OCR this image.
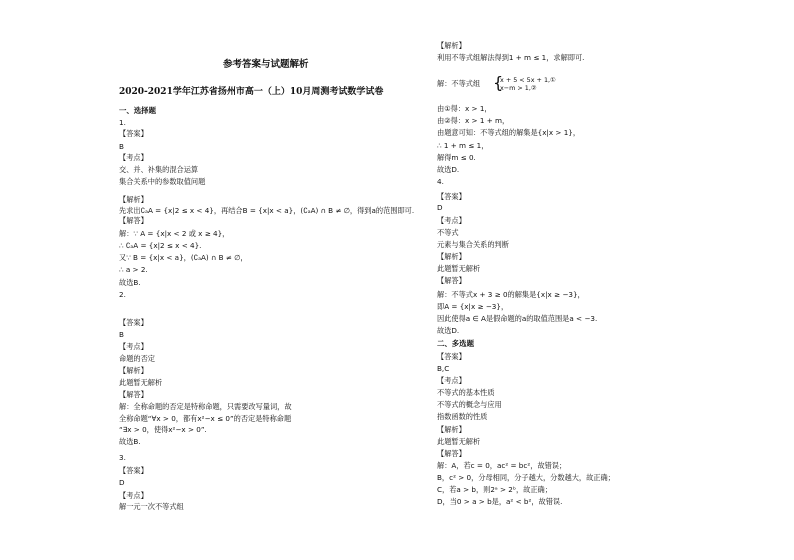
参考答案与试题解析
2020-2021学年江苏省扬州市高一（上）10月周测考试数学试卷
一、选择题
1.
【答案】
B
【考点】
交、并、补集的混合运算
集合关系中的参数取值问题
【解析】
先求出∁ₐA = {x|2 ≤ x < 4}，再结合B = {x|x < a}，(∁ₐA) ∩ B ≠ ∅，得到a的范围即可.
【解答】
解：∵ A = {x|x < 2 或 x ≥ 4}，
∴ ∁ₐA = {x|2 ≤ x < 4}.
又∵ B = {x|x < a}，(∁ₐA) ∩ B ≠ ∅，
∴ a > 2.
故选B.
2.
【答案】
B
【考点】
命题的否定
【解析】
此题暂无解析
【解答】
解：全称命题的否定是特称命题，只需要改写量词，故
全称命题“∀x > 0，都有x²−x ≤ 0”的否定是特称命题
“∃x > 0，使得x²−x > 0”.
故选B.
3.
【答案】
D
【考点】
解一元一次不等式组
【解析】
利用不等式组解法得到1 + m ≤ 1，求解即可.
解：不等式组 {
x + 5 < 5x + 1,①
x−m > 1,②
由①得：x > 1，
由②得：x > 1 + m，
由题意可知：不等式组的解集是{x|x > 1}，
∴ 1 + m ≤ 1，
解得m ≤ 0.
故选D.
4.
【答案】
D
【考点】
不等式
元素与集合关系的判断
【解析】
此题暂无解析
【解答】
解：不等式x + 3 ≥ 0的解集是{x|x ≥ −3}，
即A = {x|x ≥ −3}，
因此使得a ∈ A是假命题的a的取值范围是a < −3.
故选D.
二、多选题
【答案】
B,C
【考点】
不等式的基本性质
不等式的概念与应用
指数函数的性质
【解析】
此题暂无解析
【解答】
解：A，若c = 0，ac² = bc²，故错误；
B，c² > 0，分母相同，分子越大，分数越大，故正确；
C，若a > b，则2ᵃ > 2ᵇ，故正确；
D，当0 > a > b是，a² < b²，故错误.
